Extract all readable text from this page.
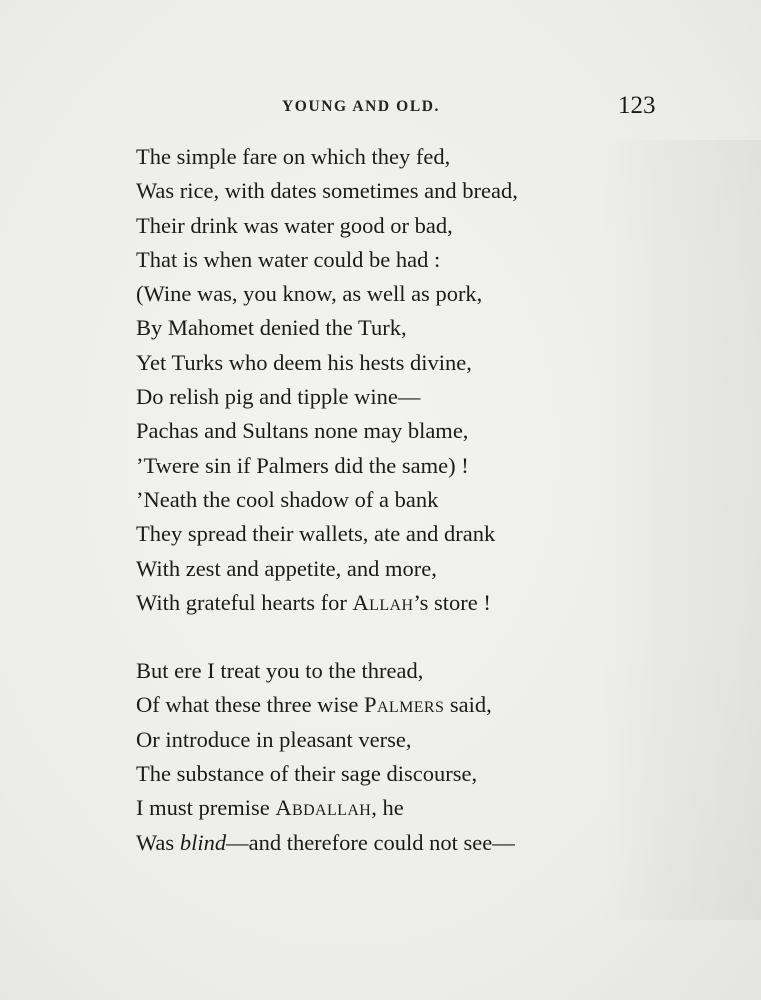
YOUNG AND OLD.	123
The simple fare on which they fed,
Was rice, with dates sometimes and bread,
Their drink was water good or bad,
That is when water could be had :
(Wine was, you know, as well as pork,
By Mahomet denied the Turk,
Yet Turks who deem his hests divine,
Do relish pig and tipple wine—
Pachas and Sultans none may blame,
’Twere sin if Palmers did the same) !
’Neath the cool shadow of a bank
They spread their wallets, ate and drank
With zest and appetite, and more,
With grateful hearts for Allah’s store !
But ere I treat you to the thread,
Of what these three wise Palmers said,
Or introduce in pleasant verse,
The substance of their sage discourse,
I must premise Abdallah, he
Was blind—and therefore could not see—
